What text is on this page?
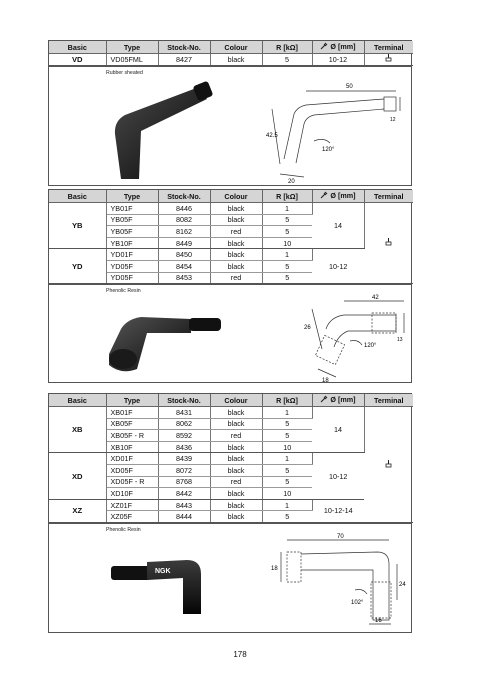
Basic	Type	Stock-No.	Colour	R [kΩ]	Ø [mm]	Terminal
VD	VD05FML	8427	black	5	10-12	
Rubber sheated
50
42.5
120°
20
12
Basic	Type	Stock-No.	Colour	R [kΩ]	Ø [mm]	Terminal
YB	YB01F	8446	black	1	14	
	YB05F	8082	black	5		
	YB05F	8162	red	5		
	YB10F	8449	black	10		
YD	YD01F	8450	black	1	10-12	
	YD05F	8454	black	5		
	YD05F	8453	red	5		
Phenolic Resin
42
26
120°
18
13
Basic	Type	Stock-No.	Colour	R [kΩ]	Ø [mm]	Terminal
XB	XB01F	8431	black	1	14	
	XB05F	8062	black	5		
	XB05F - R	8592	red	5		
	XB10F	8436	black	10		
XD	XD01F	8439	black	1	10-12	
	XD05F	8072	black	5		
	XD05F - R	8768	red	5		
	XD10F	8442	black	10		
XZ	XZ01F	8443	black	1	10-12-14	
	XZ05F	8444	black	5		
Phenolic Resin
NGK
70
18
102°
24
16
178
